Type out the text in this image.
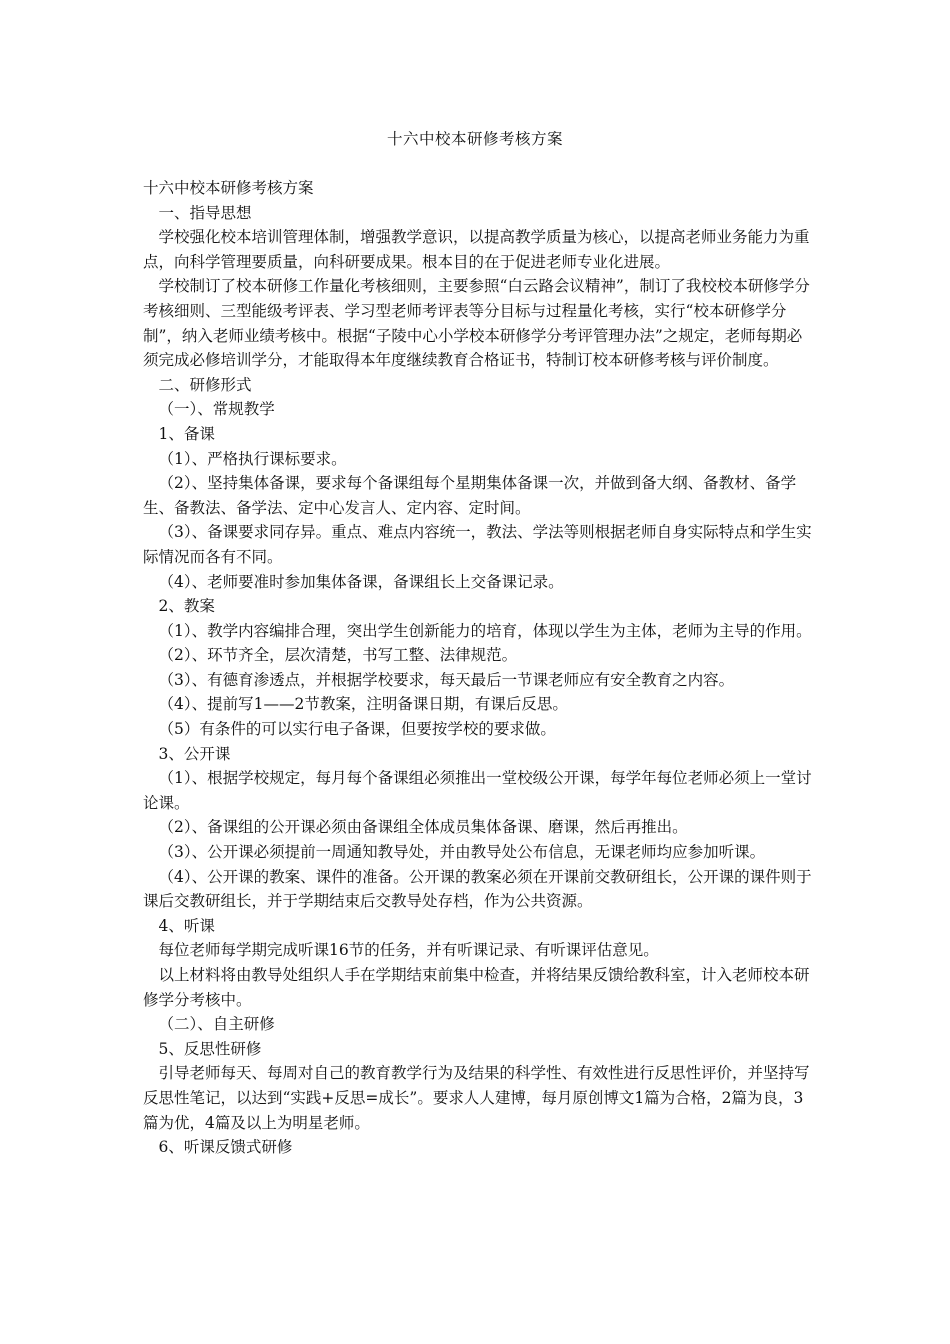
十六中校本研修考核方案

十六中校本研修考核方案

一、指导思想

学校强化校本培训管理体制，增强教学意识，以提高教学质量为核心，以提高老师业务能力为重点，向科学管理要质量，向科研要成果。根本目的在于促进老师专业化进展。

学校制订了校本研修工作量化考核细则，主要参照“白云路会议精神”，制订了我校校本研修学分考核细则、三型能级考评表、学习型老师考评表等分目标与过程量化考核，实行“校本研修学分制”，纳入老师业绩考核中。根据“子陵中心小学校本研修学分考评管理办法”之规定，老师每期必须完成必修培训学分，才能取得本年度继续教育合格证书，特制订校本研修考核与评价制度。

二、研修形式

（一）、常规教学

1、备课

（1）、严格执行课标要求。

（2）、坚持集体备课，要求每个备课组每个星期集体备课一次，并做到备大纲、备教材、备学生、备教法、备学法、定中心发言人、定内容、定时间。

（3）、备课要求同存异。重点、难点内容统一，教法、学法等则根据老师自身实际特点和学生实际情况而各有不同。

（4）、老师要准时参加集体备课，备课组长上交备课记录。

2、教案

（1）、教学内容编排合理，突出学生创新能力的培育，体现以学生为主体，老师为主导的作用。

（2）、环节齐全，层次清楚，书写工整、法律规范。

（3）、有德育渗透点，并根据学校要求，每天最后一节课老师应有安全教育之内容。

（4）、提前写1——2节教案，注明备课日期，有课后反思。

（5）有条件的可以实行电子备课，但要按学校的要求做。

3、公开课

（1）、根据学校规定，每月每个备课组必须推出一堂校级公开课，每学年每位老师必须上一堂讨论课。

（2）、备课组的公开课必须由备课组全体成员集体备课、磨课，然后再推出。

（3）、公开课必须提前一周通知教导处，并由教导处公布信息，无课老师均应参加听课。

（4）、公开课的教案、课件的准备。公开课的教案必须在开课前交教研组长，公开课的课件则于课后交教研组长，并于学期结束后交教导处存档，作为公共资源。

4、听课

每位老师每学期完成听课16节的任务，并有听课记录、有听课评估意见。

以上材料将由教导处组织人手在学期结束前集中检查，并将结果反馈给教科室，计入老师校本研修学分考核中。

（二）、自主研修

5、反思性研修

引导老师每天、每周对自己的教育教学行为及结果的科学性、有效性进行反思性评价，并坚持写反思性笔记，以达到“实践+反思=成长”。要求人人建博，每月原创博文1篇为合格，2篇为良，3篇为优，4篇及以上为明星老师。

6、听课反馈式研修
